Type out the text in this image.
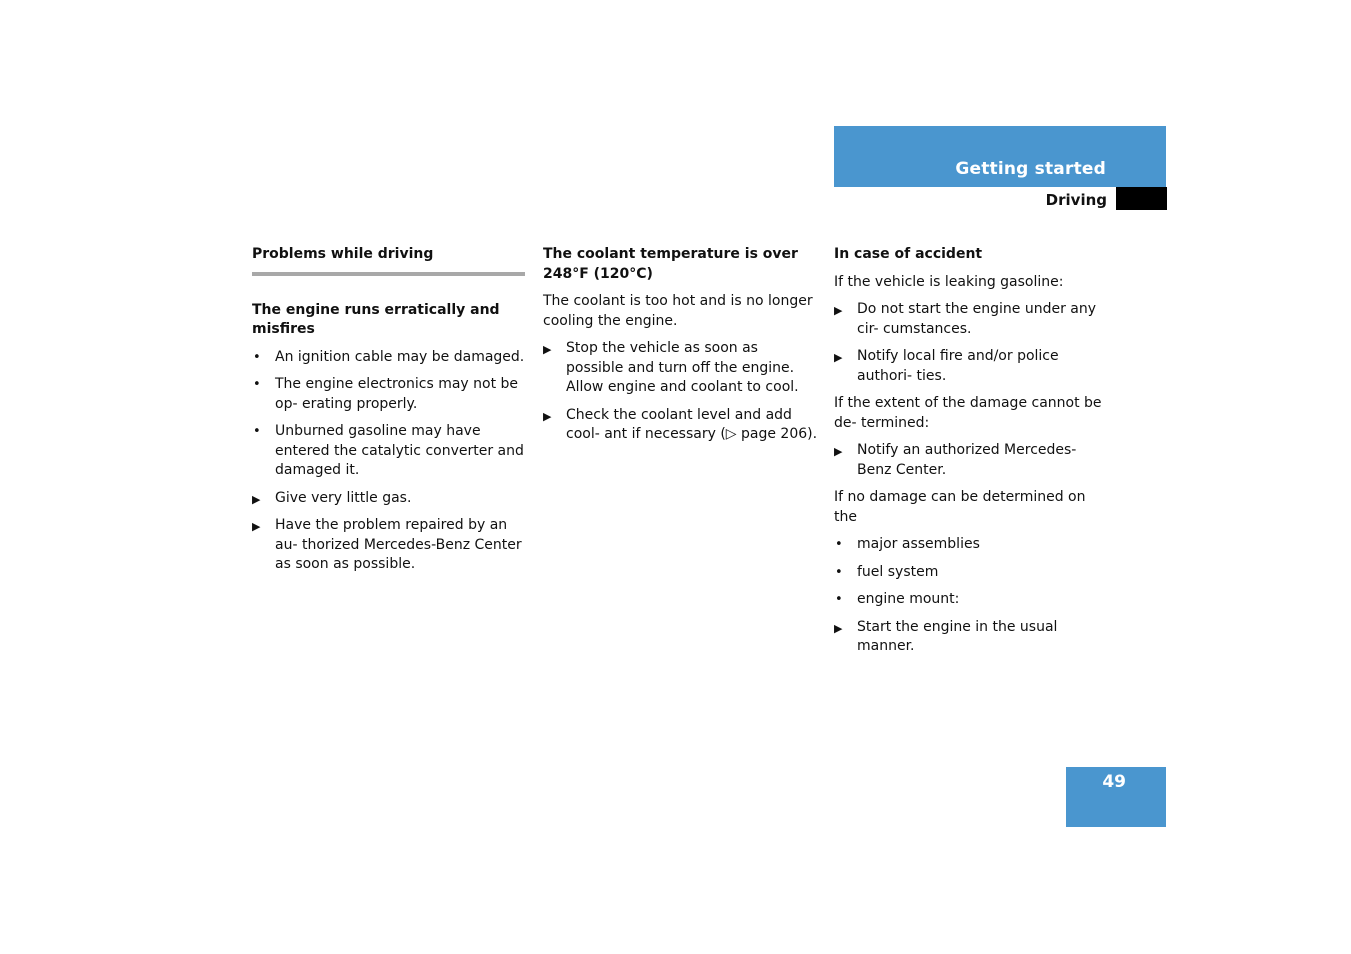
Getting started
Driving

Problems while driving

The engine runs erratically and misfires

•	An ignition cable may be damaged.
•	The engine electronics may not be op- erating properly.
•	Unburned gasoline may have entered the catalytic converter and damaged it.
▶	Give very little gas.
▶	Have the problem repaired by an au- thorized Mercedes-Benz Center as soon as possible.

The coolant temperature is over 248°F (120°C)

The coolant is too hot and is no longer cooling the engine.

▶	Stop the vehicle as soon as possible and turn off the engine. Allow engine and coolant to cool.
▶	Check the coolant level and add cool- ant if necessary (▷ page 206).

In case of accident

If the vehicle is leaking gasoline:

▶	Do not start the engine under any cir- cumstances.
▶	Notify local fire and/or police authori- ties.

If the extent of the damage cannot be de- termined:

▶	Notify an authorized Mercedes-Benz Center.

If no damage can be determined on the

•	major assemblies
•	fuel system
•	engine mount:
▶	Start the engine in the usual manner.
49
